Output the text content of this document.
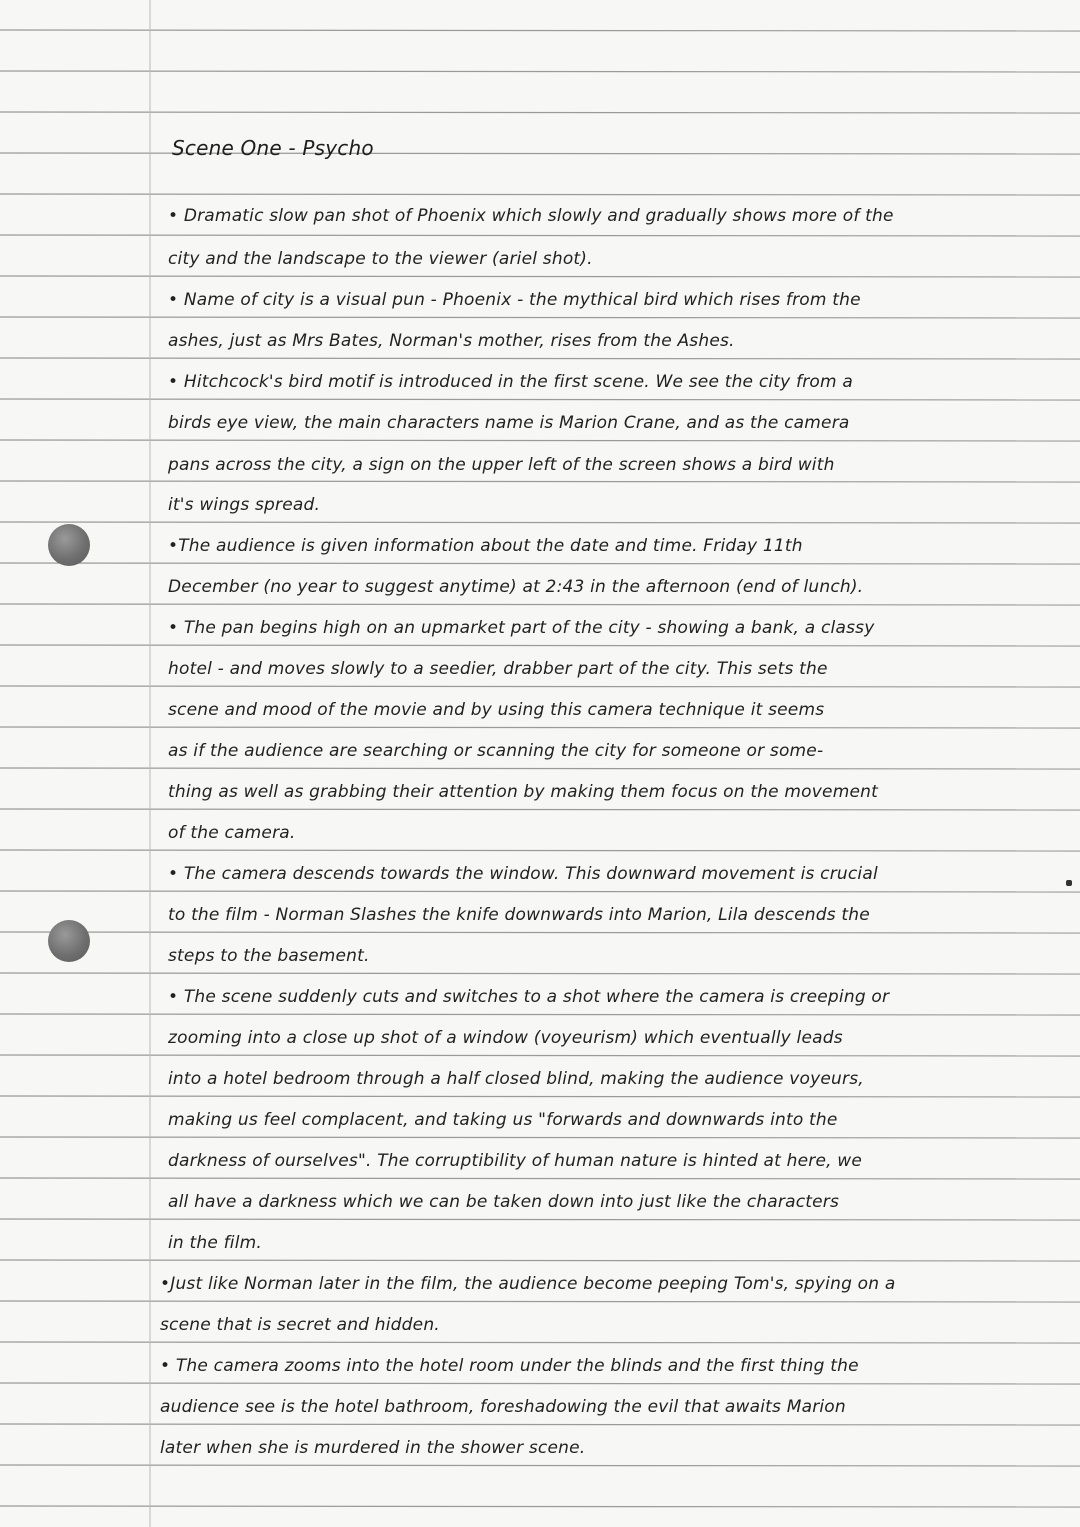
Scene One - Psycho
• Dramatic slow pan shot of Phoenix which slowly and gradually shows more of the
city and the landscape to the viewer (ariel shot).
• Name of city is a visual pun - Phoenix - the mythical bird which rises from the
ashes, just as Mrs Bates, Norman's mother, rises from the Ashes.
• Hitchcock's bird motif is introduced in the first scene. We see the city from a
birds eye view, the main characters name is Marion Crane, and as the camera
pans across the city, a sign on the upper left of the screen shows a bird with
it's wings spread.
•The audience is given information about the date and time. Friday 11th
December (no year to suggest anytime) at 2:43 in the afternoon (end of lunch).
• The pan begins high on an upmarket part of the city - showing a bank, a classy
hotel - and moves slowly to a seedier, drabber part of the city. This sets the
scene and mood of the movie and by using this camera technique it seems
as if the audience are searching or scanning the city for someone or some-
thing as well as grabbing their attention by making them focus on the movement
of the camera.
• The camera descends towards the window. This downward movement is crucial
to the film - Norman Slashes the knife downwards into Marion, Lila descends the
steps to the basement.
• The scene suddenly cuts and switches to a shot where the camera is creeping or
zooming into a close up shot of a window (voyeurism) which eventually leads
into a hotel bedroom through a half closed blind, making the audience voyeurs,
making us feel complacent, and taking us "forwards and downwards into the
darkness of ourselves". The corruptibility of human nature is hinted at here, we
all have a darkness which we can be taken down into just like the characters
in the film.
•Just like Norman later in the film, the audience become peeping Tom's, spying on a
scene that is secret and hidden.
• The camera zooms into the hotel room under the blinds and the first thing the
audience see is the hotel bathroom, foreshadowing the evil that awaits Marion
later when she is murdered in the shower scene.
